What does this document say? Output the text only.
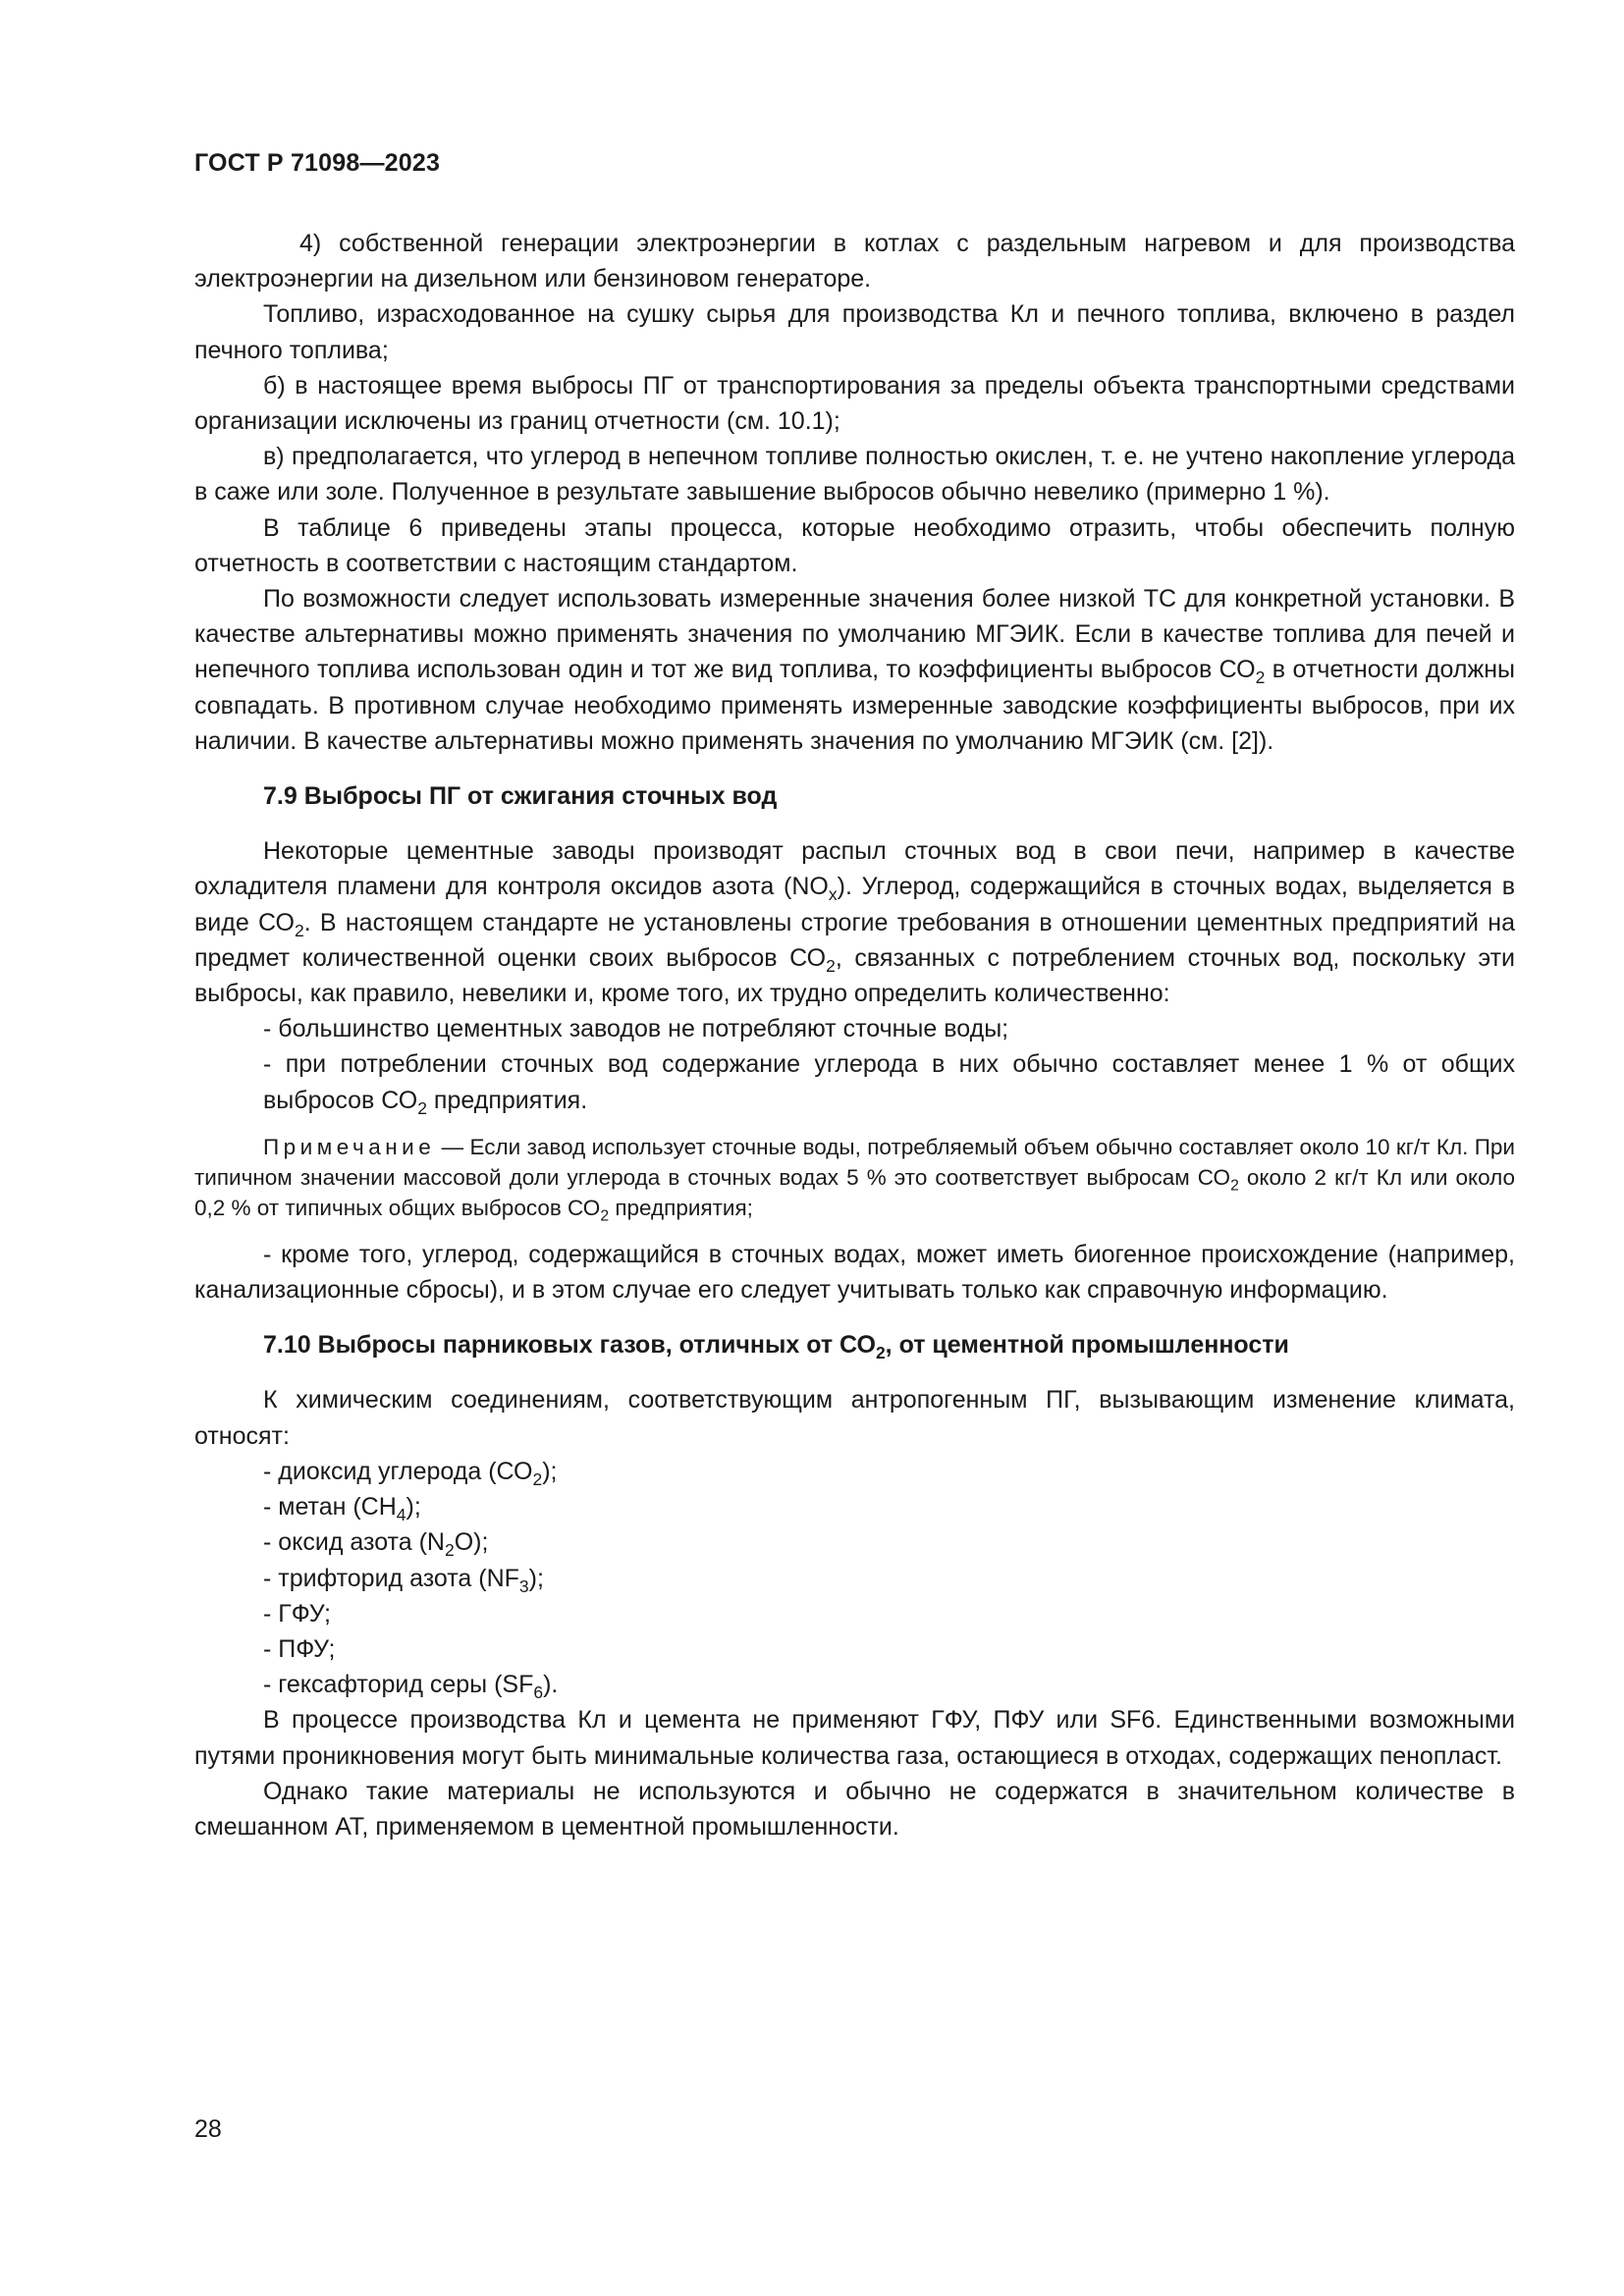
ГОСТ Р 71098—2023

4) собственной генерации электроэнергии в котлах с раздельным нагревом и для производства электроэнергии на дизельном или бензиновом генераторе.

Топливо, израсходованное на сушку сырья для производства Кл и печного топлива, включено в раздел печного топлива;

б) в настоящее время выбросы ПГ от транспортирования за пределы объекта транспортными средствами организации исключены из границ отчетности (см. 10.1);

в) предполагается, что углерод в непечном топливе полностью окислен, т. е. не учтено накопление углерода в саже или золе. Полученное в результате завышение выбросов обычно невелико (примерно 1 %).

В таблице 6 приведены этапы процесса, которые необходимо отразить, чтобы обеспечить полную отчетность в соответствии с настоящим стандартом.

По возможности следует использовать измеренные значения более низкой ТС для конкретной установки. В качестве альтернативы можно применять значения по умолчанию МГЭИК. Если в качестве топлива для печей и непечного топлива использован один и тот же вид топлива, то коэффициенты выбросов $СО_2$ в отчетности должны совпадать. В противном случае необходимо применять измеренные заводские коэффициенты выбросов, при их наличии. В качестве альтернативы можно применять значения по умолчанию МГЭИК (см. [2]).

7.9 Выбросы ПГ от сжигания сточных вод

Некоторые цементные заводы производят распыл сточных вод в свои печи, например в качестве охладителя пламени для контроля оксидов азота $(NO_x)$. Углерод, содержащийся в сточных водах, выделяется в виде $СО_2$. В настоящем стандарте не установлены строгие требования в отношении цементных предприятий на предмет количественной оценки своих выбросов $СО_2$, связанных с потреблением сточных вод, поскольку эти выбросы, как правило, невелики и, кроме того, их трудно определить количественно:

- большинство цементных заводов не потребляют сточные воды;

- при потреблении сточных вод содержание углерода в них обычно составляет менее 1 % от общих выбросов $СО_2$ предприятия.

Примечание — Если завод использует сточные воды, потребляемый объем обычно составляет около 10 кг/т Кл. При типичном значении массовой доли углерода в сточных водах 5 % это соответствует выбросам $СО_2$ около 2 кг/т Кл или около 0,2 % от типичных общих выбросов $СО_2$ предприятия;

- кроме того, углерод, содержащийся в сточных водах, может иметь биогенное происхождение (например, канализационные сбросы), и в этом случае его следует учитывать только как справочную информацию.

7.10 Выбросы парниковых газов, отличных от $СО_2$, от цементной промышленности

К химическим соединениям, соответствующим антропогенным ПГ, вызывающим изменение климата, относят:

- диоксид углерода $(СО_2)$;

- метан $(СН_4)$;

- оксид азота $(N_2O)$;

- трифторид азота $(NF_3)$;

- ГФУ;

- ПФУ;

- гексафторид серы $(SF_6)$.

В процессе производства Кл и цемента не применяют ГФУ, ПФУ или SF6. Единственными возможными путями проникновения могут быть минимальные количества газа, остающиеся в отходах, содержащих пенопласт.

Однако такие материалы не используются и обычно не содержатся в значительном количестве в смешанном АТ, применяемом в цементной промышленности.

28
